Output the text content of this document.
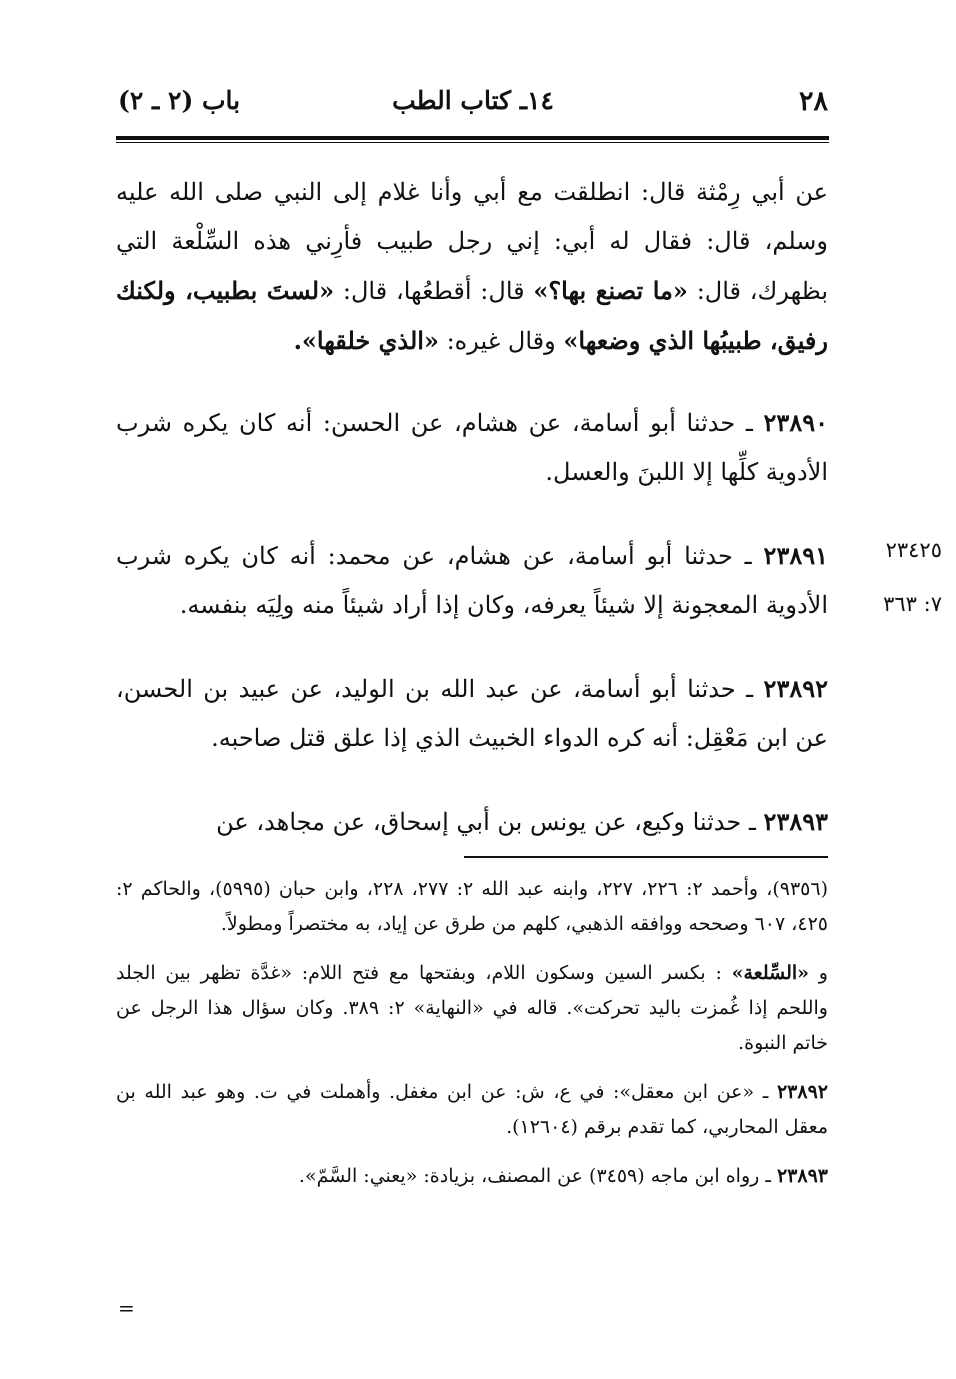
٢٨
١٤ـ كتاب الطب
باب (٢ ـ ٢)

عن أبي رِمْثة قال: انطلقت مع أبي وأنا غلام إلى النبي صلى الله عليه وسلم، قال: فقال له أبي: إني رجل طبيب فأرِني هذه السِّلْعة التي بظهرك، قال: «ما تصنع بها؟» قال: أقطعُها، قال: «لستَ بطبيب، ولكنك رفيق، طبيبُها الذي وضعها» وقال غيره: «الذي خلقها».

٢٣٨٩٠ ـ حدثنا أبو أسامة، عن هشام، عن الحسن: أنه كان يكره شرب الأدوية كلِّها إلا اللبنَ والعسل.

٢٣٨٩١ ـ حدثنا أبو أسامة، عن هشام، عن محمد: أنه كان يكره شرب الأدوية المعجونة إلا شيئاً يعرفه، وكان إذا أراد شيئاً منه ولِيَه بنفسه.

٢٣٨٩٢ ـ حدثنا أبو أسامة، عن عبد الله بن الوليد، عن عبيد بن الحسن، عن ابن مَعْقِل: أنه كره الدواء الخبيث الذي إذا علق قتل صاحبه.

٢٣٨٩٣ ـ حدثنا وكيع، عن يونس بن أبي إسحاق، عن مجاهد، عن

٢٣٤٢٥
٧: ٣٦٣

(٩٣٥٦)، وأحمد ٢: ٢٢٦، ٢٢٧، وابنه عبد الله ٢: ٢٧٧، ٢٢٨، وابن حبان (٥٩٩٥)، والحاكم ٢: ٤٢٥، ٦٠٧ وصححه ووافقه الذهبي، كلهم من طرق عن إياد، به مختصراً ومطولاً.

و «السِّلعة» : بكسر السين وسكون اللام، وبفتحها مع فتح اللام: «غدَّة تظهر بين الجلد واللحم إذا غُمزت باليد تحركت». قاله في «النهاية» ٢: ٣٨٩. وكان سؤال هذا الرجل عن خاتم النبوة.

٢٣٨٩٢ ـ «عن ابن معقل»: في ع، ش: عن ابن مغفل. وأهملت في ت. وهو عبد الله بن معقل المحاربي، كما تقدم برقم (١٢٦٠٤).

٢٣٨٩٣ ـ رواه ابن ماجه (٣٤٥٩) عن المصنف، بزيادة: «يعني: السَّمّ».

=
